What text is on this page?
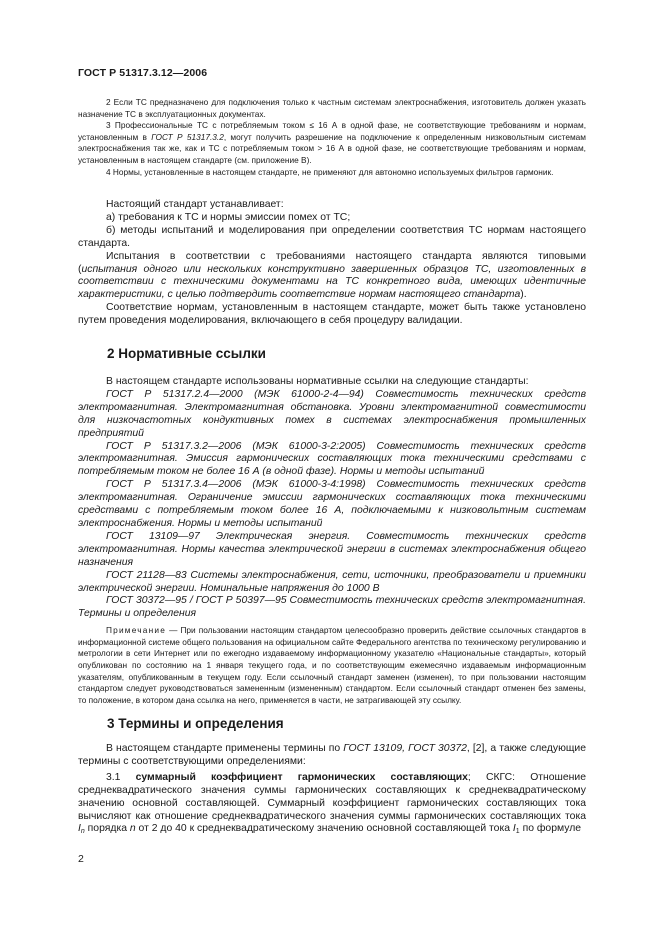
ГОСТ Р 51317.3.12—2006

2 Если ТС предназначено для подключения только к частным системам электроснабжения, изготовитель должен указать назначение ТС в эксплуатационных документах.

3 Профессиональные ТС с потребляемым током ≤ 16 А в одной фазе, не соответствующие требованиям и нормам, установленным в ГОСТ Р 51317.3.2, могут получить разрешение на подключение к определенным низковольтным системам электроснабжения так же, как и ТС с потребляемым током > 16 А в одной фазе, не соответствующие требованиям и нормам, установленным в настоящем стандарте (см. приложение В).

4 Нормы, установленные в настоящем стандарте, не применяют для автономно используемых фильтров гармоник.

Настоящий стандарт устанавливает:

а) требования к ТС и нормы эмиссии помех от ТС;

б) методы испытаний и моделирования при определении соответствия ТС нормам настоящего стандарта.

Испытания в соответствии с требованиями настоящего стандарта являются типовыми (испытания одного или нескольких конструктивно завершенных образцов ТС, изготовленных в соответствии с техническими документами на ТС конкретного вида, имеющих идентичные характеристики, с целью подтвердить соответствие нормам настоящего стандарта).

Соответствие нормам, установленным в настоящем стандарте, может быть также установлено путем проведения моделирования, включающего в себя процедуру валидации.

2 Нормативные ссылки

В настоящем стандарте использованы нормативные ссылки на следующие стандарты:

ГОСТ Р 51317.2.4—2000 (МЭК 61000-2-4—94) Совместимость технических средств электромагнитная. Электромагнитная обстановка. Уровни электромагнитной совместимости для низкочастотных кондуктивных помех в системах электроснабжения промышленных предприятий

ГОСТ Р 51317.3.2—2006 (МЭК 61000-3-2:2005) Совместимость технических средств электромагнитная. Эмиссия гармонических составляющих тока техническими средствами с потребляемым током не более 16 А (в одной фазе). Нормы и методы испытаний

ГОСТ Р 51317.3.4—2006 (МЭК 61000-3-4:1998) Совместимость технических средств электромагнитная. Ограничение эмиссии гармонических составляющих тока техническими средствами с потребляемым током более 16 А, подключаемыми к низковольтным системам электроснабжения. Нормы и методы испытаний

ГОСТ 13109—97 Электрическая энергия. Совместимость технических средств электромагнитная. Нормы качества электрической энергии в системах электроснабжения общего назначения

ГОСТ 21128—83 Системы электроснабжения, сети, источники, преобразователи и приемники электрической энергии. Номинальные напряжения до 1000 В

ГОСТ 30372—95 / ГОСТ Р 50397—95 Совместимость технических средств электромагнитная. Термины и определения

Примечание — При пользовании настоящим стандартом целесообразно проверить действие ссылочных стандартов в информационной системе общего пользования на официальном сайте Федерального агентства по техническому регулированию и метрологии в сети Интернет или по ежегодно издаваемому информационному указателю «Национальные стандарты», который опубликован по состоянию на 1 января текущего года, и по соответствующим ежемесячно издаваемым информационным указателям, опубликованным в текущем году. Если ссылочный стандарт заменен (изменен), то при пользовании настоящим стандартом следует руководствоваться замененным (измененным) стандартом. Если ссылочный стандарт отменен без замены, то положение, в котором дана ссылка на него, применяется в части, не затрагивающей эту ссылку.

3 Термины и определения

В настоящем стандарте применены термины по ГОСТ 13109, ГОСТ 30372, [2], а также следующие термины с соответствующими определениями:

3.1 суммарный коэффициент гармонических составляющих; СКГС: Отношение среднеквадратического значения суммы гармонических составляющих к среднеквадратическому значению основной составляющей. Суммарный коэффициент гармонических составляющих тока вычисляют как отношение среднеквадратического значения суммы гармонических составляющих тока $I_n$ порядка n от 2 до 40 к среднеквадратическому значению основной составляющей тока $I_1$ по формуле

2
